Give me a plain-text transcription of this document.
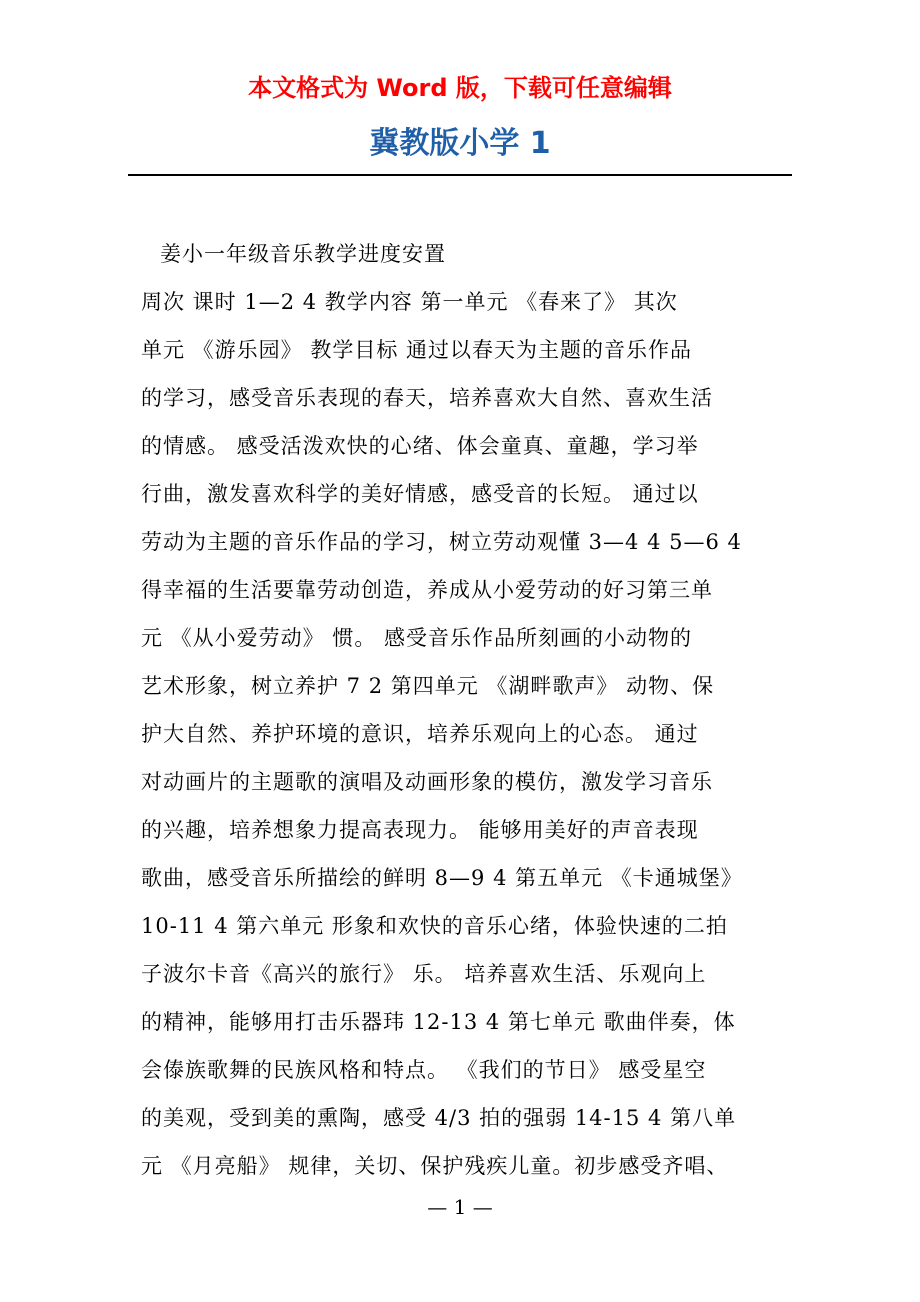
本文格式为 Word 版，下载可任意编辑

冀教版小学 1

姜小一年级音乐教学进度安置

周次 课时 1—2 4 教学内容 第一单元 《春来了》 其次
单元 《游乐园》 教学目标 通过以春天为主题的音乐作品
的学习，感受音乐表现的春天，培养喜欢大自然、喜欢生活
的情感。 感受活泼欢快的心绪、体会童真、童趣，学习举
行曲，激发喜欢科学的美好情感，感受音的长短。 通过以
劳动为主题的音乐作品的学习，树立劳动观懂 3—4 4 5—6 4
得幸福的生活要靠劳动创造，养成从小爱劳动的好习第三单
元 《从小爱劳动》 惯。 感受音乐作品所刻画的小动物的
艺术形象，树立养护 7 2 第四单元 《湖畔歌声》 动物、保
护大自然、养护环境的意识，培养乐观向上的心态。 通过
对动画片的主题歌的演唱及动画形象的模仿，激发学习音乐
的兴趣，培养想象力提高表现力。 能够用美好的声音表现
歌曲，感受音乐所描绘的鲜明 8—9 4 第五单元 《卡通城堡》
10-11 4 第六单元 形象和欢快的音乐心绪，体验快速的二拍
子波尔卡音《高兴的旅行》 乐。 培养喜欢生活、乐观向上
的精神，能够用打击乐器玮 12-13 4 第七单元 歌曲伴奏，体
会傣族歌舞的民族风格和特点。 《我们的节日》 感受星空
的美观，受到美的熏陶，感受 4/3 拍的强弱 14-15 4 第八单
元 《月亮船》 规律，关切、保护残疾儿童。初步感受齐唱、

— 1 —
